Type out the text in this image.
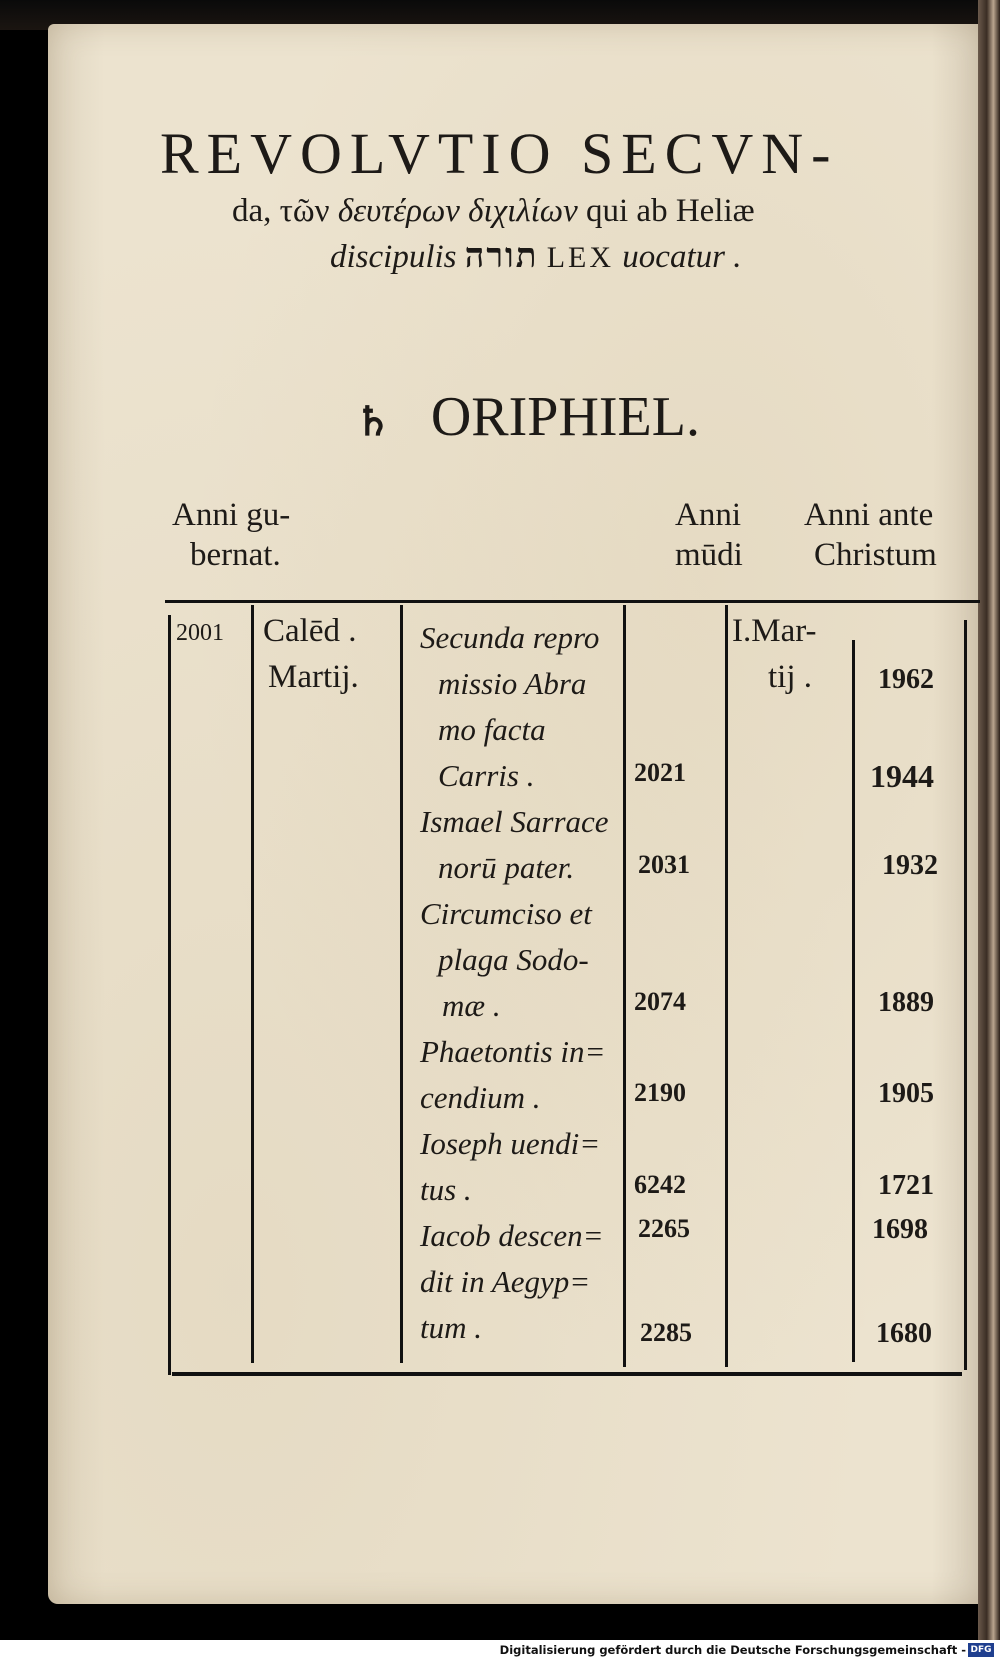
REVOLVTIO SECVN-
da, τῶν δευτέρων διχιλίων qui ab Heliæ
discipulis תורה LEX uocatur .
♄ ORIPHIEL.
Anni gu-
bernat.
Anni
mūdi
Anni ante
Christum
2001 Calēd .
Martij.
Secunda repro
missio Abra
mo facta
Carris .
Ismael Sarrace
norū pater.
Circumciso et
plaga Sodo-
mæ .
Phaetontis in=
cendium .
Ioseph uendi=
tus .
Iacob descen=
dit in Aegyp=
tum .
2021
2031
2074
2190
6242
2265
2285
I.Mar-
tij . 1962
1944
1932
1889
1905
1721
1698
1680
Digitalisierung gefördert durch die Deutsche Forschungsgemeinschaft - DFG
